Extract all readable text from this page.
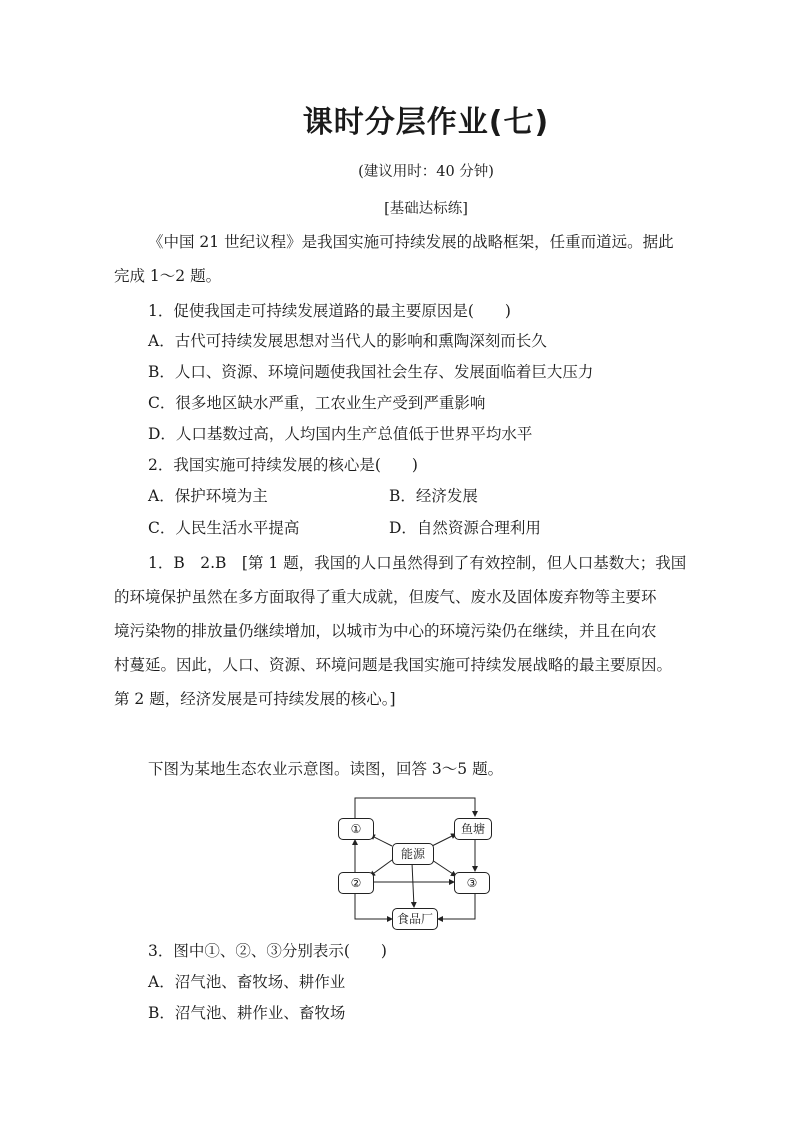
课时分层作业(七)
(建议用时：40 分钟)
[基础达标练]
《中国 21 世纪议程》是我国实施可持续发展的战略框架，任重而道远。据此
完成 1～2 题。
1．促使我国走可持续发展道路的最主要原因是(　　)
A．古代可持续发展思想对当代人的影响和熏陶深刻而长久
B．人口、资源、环境问题使我国社会生存、发展面临着巨大压力
C．很多地区缺水严重，工农业生产受到严重影响
D．人口基数过高，人均国内生产总值低于世界平均水平
2．我国实施可持续发展的核心是(　　)
A．保护环境为主	B．经济发展
C．人民生活水平提高	D．自然资源合理利用
1．B　2.B　[第 1 题，我国的人口虽然得到了有效控制，但人口基数大；我国
的环境保护虽然在多方面取得了重大成就，但废气、废水及固体废弃物等主要环
境污染物的排放量仍继续增加，以城市为中心的环境污染仍在继续，并且在向农
村蔓延。因此，人口、资源、环境问题是我国实施可持续发展战略的最主要原因。
第 2 题，经济发展是可持续发展的核心。]
下图为某地生态农业示意图。读图，回答 3～5 题。
①	鱼塘
能源
②	③
食品厂
3．图中①、②、③分别表示(　　)
A．沼气池、畜牧场、耕作业
B．沼气池、耕作业、畜牧场
